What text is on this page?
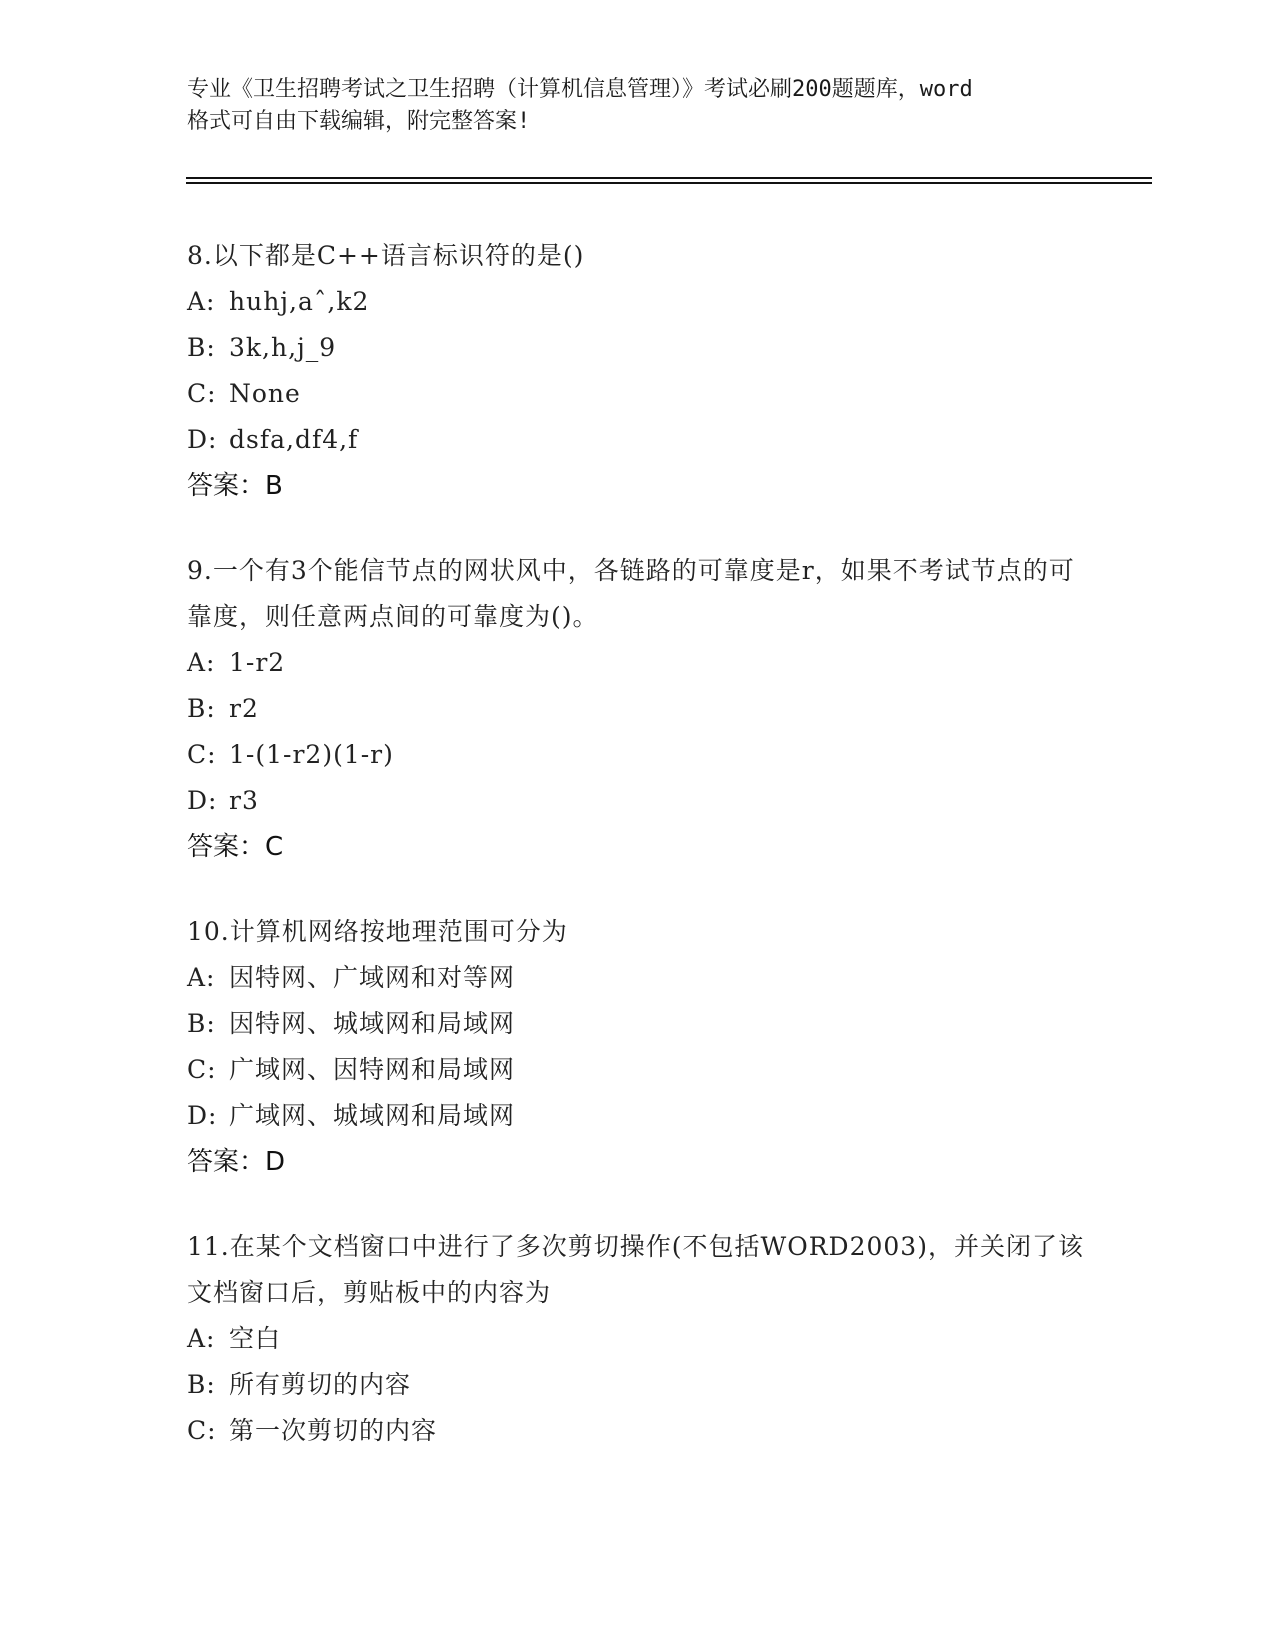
专业《卫生招聘考试之卫生招聘（计算机信息管理）》考试必刷200题题库，word
格式可自由下载编辑，附完整答案!
8.以下都是C++语言标识符的是()
A: huhj,aˆ,k2
B: 3k,h,j_9
C: None
D: dsfa,df4,f
答案：B
9.一个有3个能信节点的网状风中，各链路的可靠度是r，如果不考试节点的可靠度，则任意两点间的可靠度为()。
A: 1-r2
B: r2
C: 1-(1-r2)(1-r)
D: r3
答案：C
10.计算机网络按地理范围可分为
A: 因特网、广域网和对等网
B: 因特网、城域网和局域网
C: 广域网、因特网和局域网
D: 广域网、城域网和局域网
答案：D
11.在某个文档窗口中进行了多次剪切操作(不包括WORD2003)，并关闭了该文档窗口后，剪贴板中的内容为
A: 空白
B: 所有剪切的内容
C: 第一次剪切的内容
